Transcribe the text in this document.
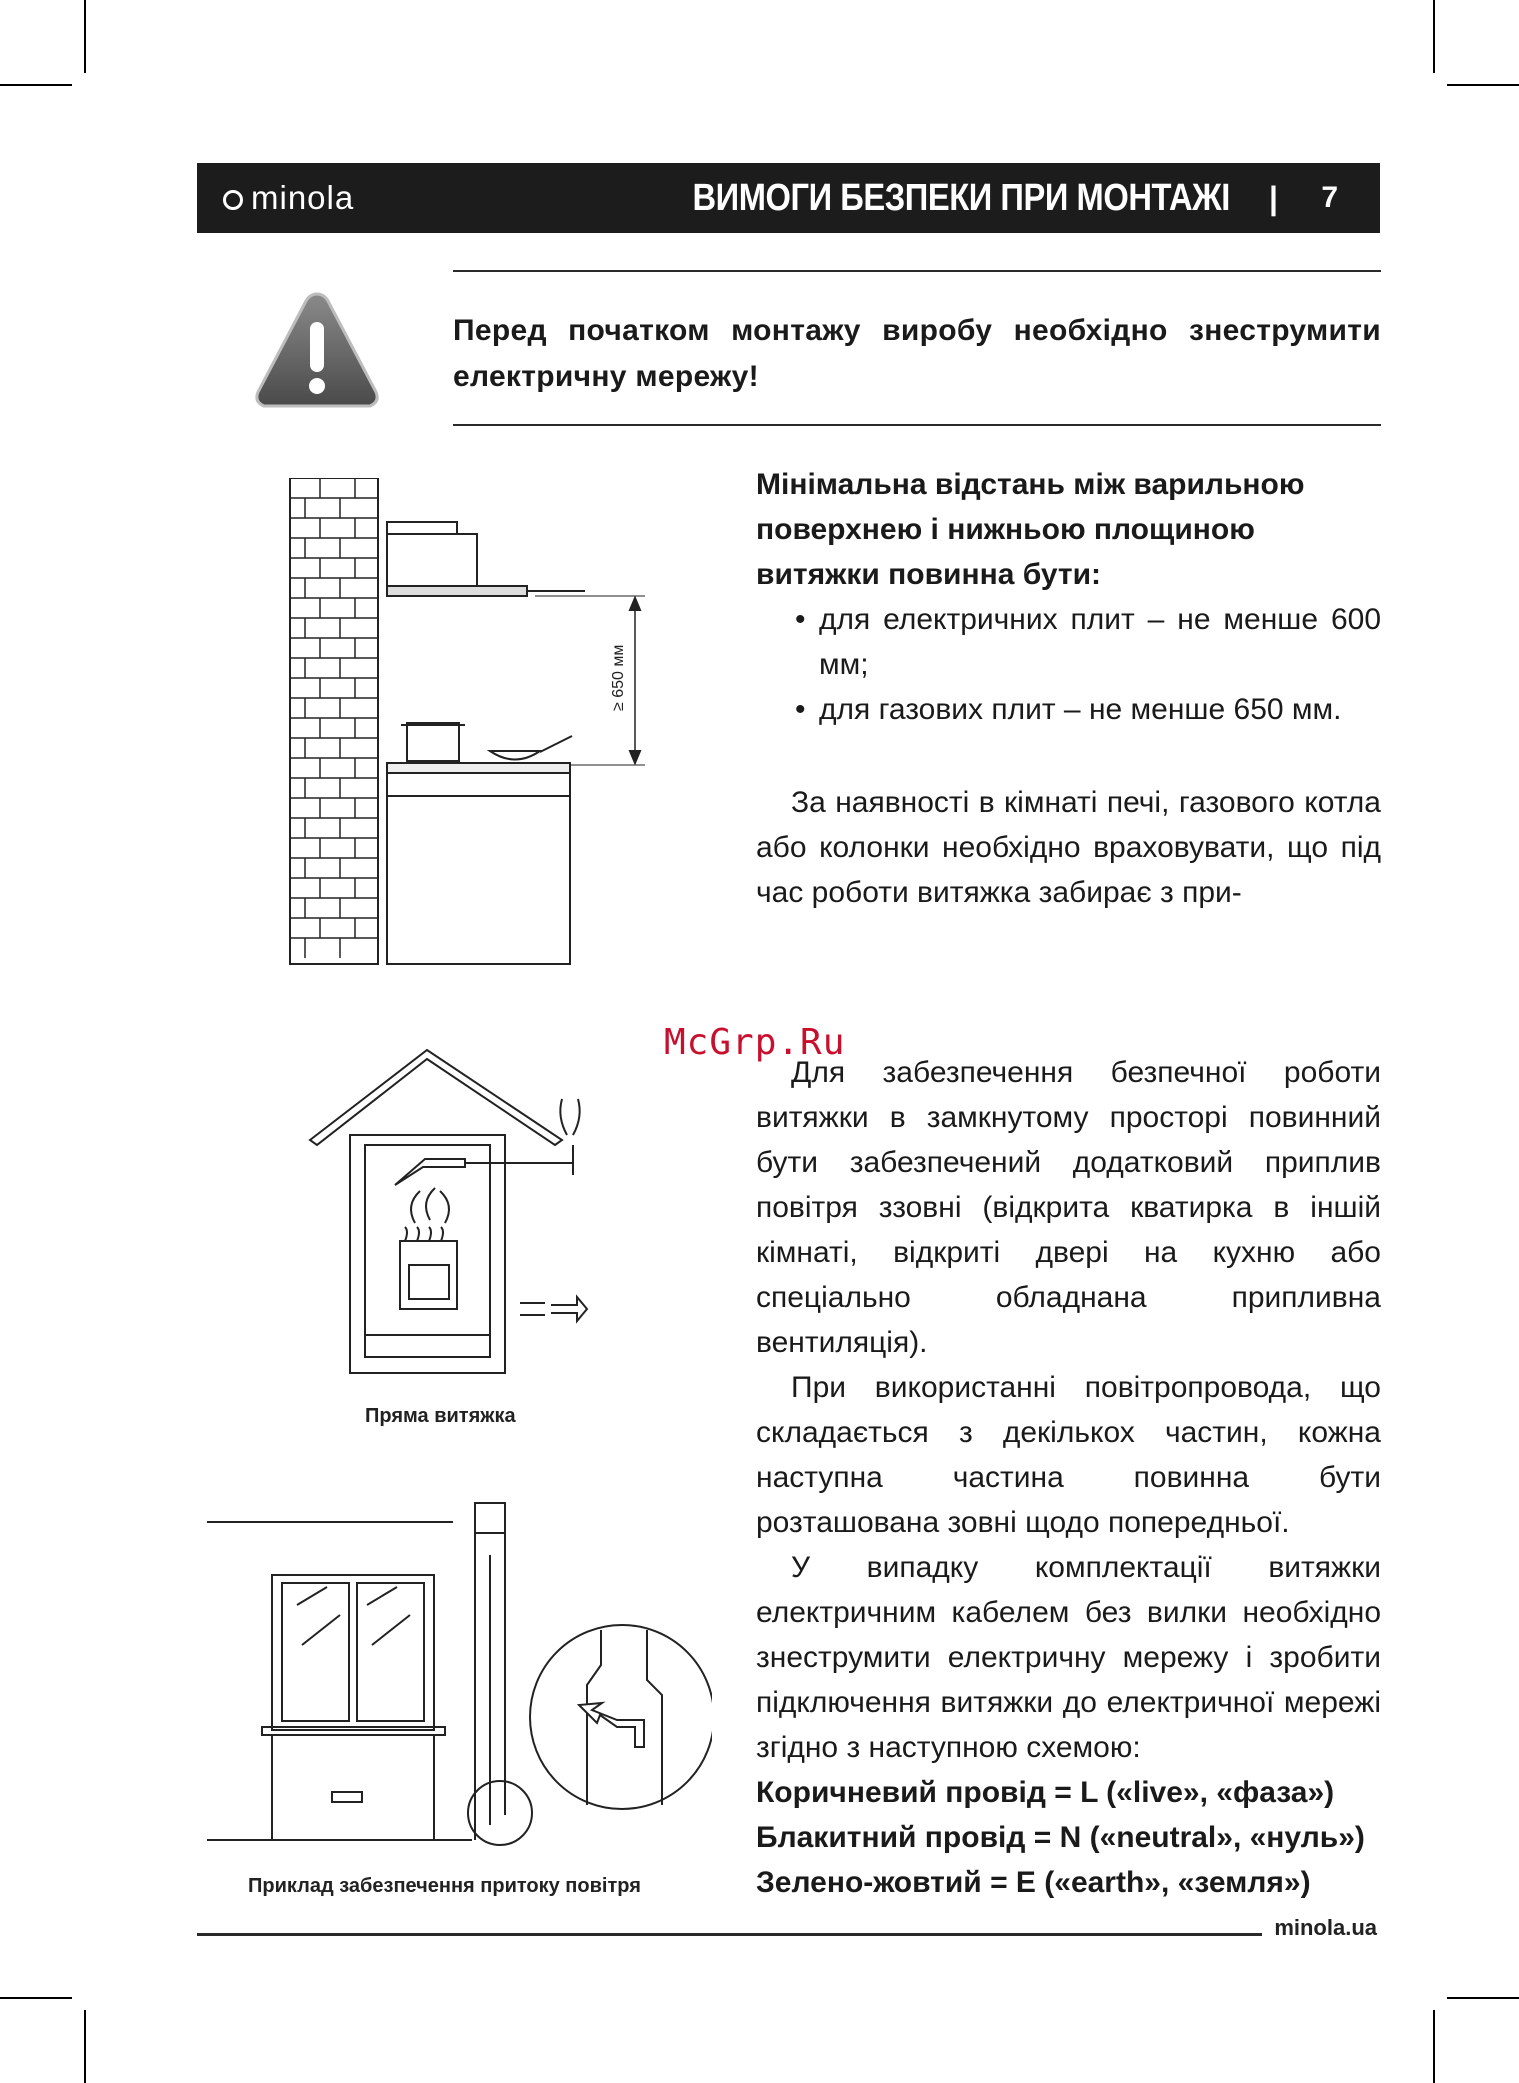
minola	ВИМОГИ БЕЗПЕКИ ПРИ МОНТАЖІ | 7
Перед початком монтажу виробу необхідно знеструмити електричну мережу!
≥ 650 мм

Мінімальна відстань між варильною поверхнею і нижньою площиною витяжки повинна бути:

• для електричних плит – не менше 600 мм;
• для газових плит – не менше 650 мм.

За наявності в кімнаті печі, газового котла або колонки необхідно враховувати, що під час роботи витяжка забирає з при-

McGrp.Ru

Для забезпечення безпечної роботи витяжки в замкнутому просторі повинний бути забезпечений додатковий приплив повітря ззовні (відкрита кватирка в іншій кімнаті, відкриті двері на кухню або спеціально обладнана припливна вентиляція).

При використанні повітропровода, що складається з декількох частин, кожна наступна частина повинна бути розташована зовні щодо попередньої.

У випадку комплектації витяжки електричним кабелем без вилки необхідно знеструмити електричну мережу і зробити підключення витяжки до електричної мережі згідно з наступною схемою:

Коричневий провід = L («live», «фаза»)
Блакитний провід = N («neutral», «нуль»)
Зелено-жовтий = E («earth», «земля»)
Пряма витяжка
Приклад забезпечення притоку повітря
minola.ua
